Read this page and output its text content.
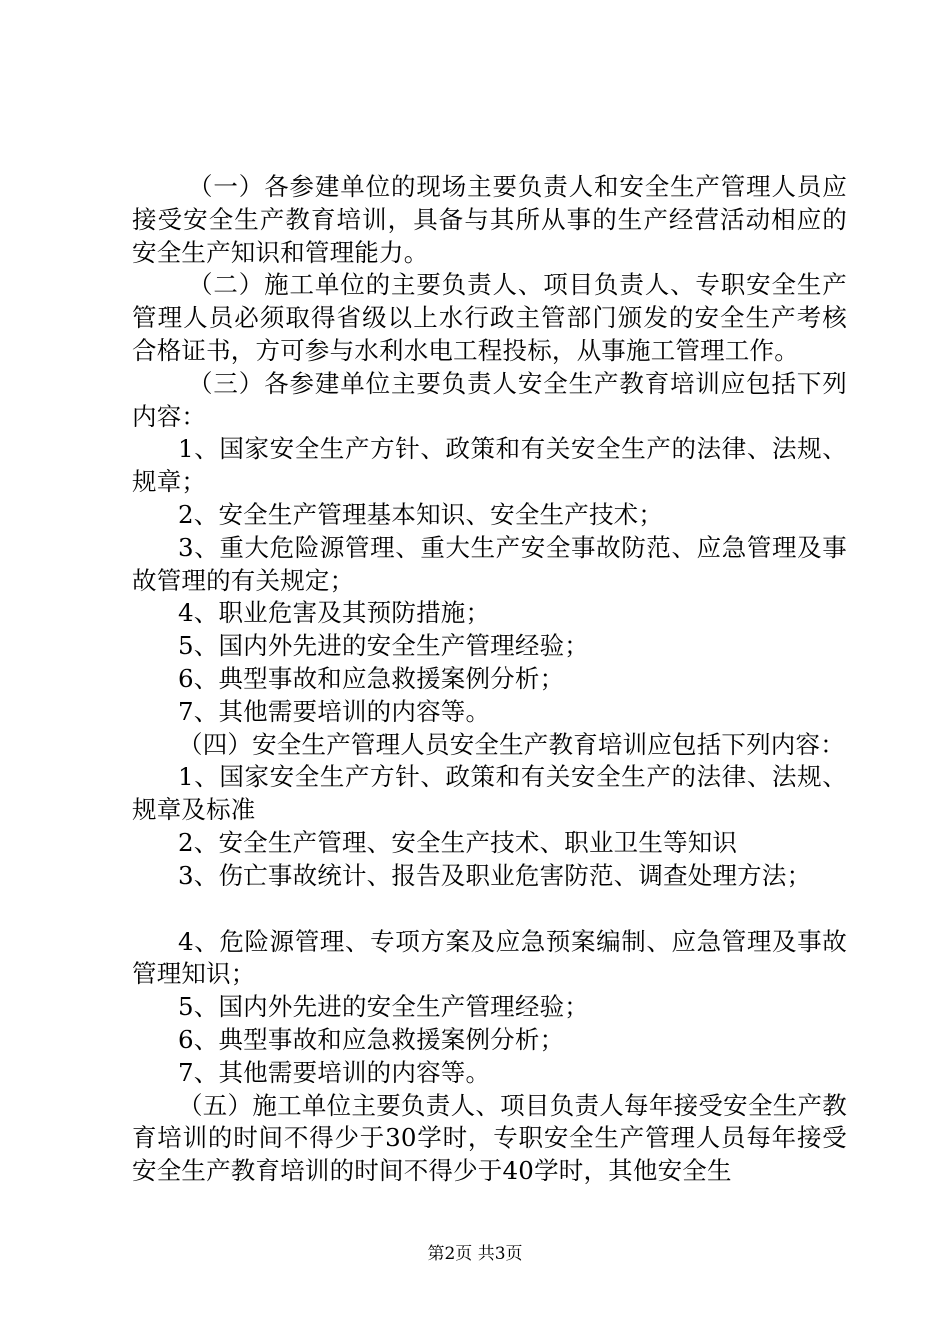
（一）各参建单位的现场主要负责人和安全生产管理人员应接受安全生产教育培训，具备与其所从事的生产经营活动相应的安全生产知识和管理能力。

（二）施工单位的主要负责人、项目负责人、专职安全生产管理人员必须取得省级以上水行政主管部门颁发的安全生产考核合格证书，方可参与水利水电工程投标，从事施工管理工作。

（三）各参建单位主要负责人安全生产教育培训应包括下列内容：

1、国家安全生产方针、政策和有关安全生产的法律、法规、规章；

2、安全生产管理基本知识、安全生产技术；

3、重大危险源管理、重大生产安全事故防范、应急管理及事故管理的有关规定；

4、职业危害及其预防措施；

5、国内外先进的安全生产管理经验；

6、典型事故和应急救援案例分析；

7、其他需要培训的内容等。

（四）安全生产管理人员安全生产教育培训应包括下列内容：

1、国家安全生产方针、政策和有关安全生产的法律、法规、规章及标准

2、安全生产管理、安全生产技术、职业卫生等知识

3、伤亡事故统计、报告及职业危害防范、调查处理方法；

4、危险源管理、专项方案及应急预案编制、应急管理及事故管理知识；

5、国内外先进的安全生产管理经验；

6、典型事故和应急救援案例分析；

7、其他需要培训的内容等。

（五）施工单位主要负责人、项目负责人每年接受安全生产教育培训的时间不得少于30学时，专职安全生产管理人员每年接受安全生产教育培训的时间不得少于40学时，其他安全生

第2页 共3页
